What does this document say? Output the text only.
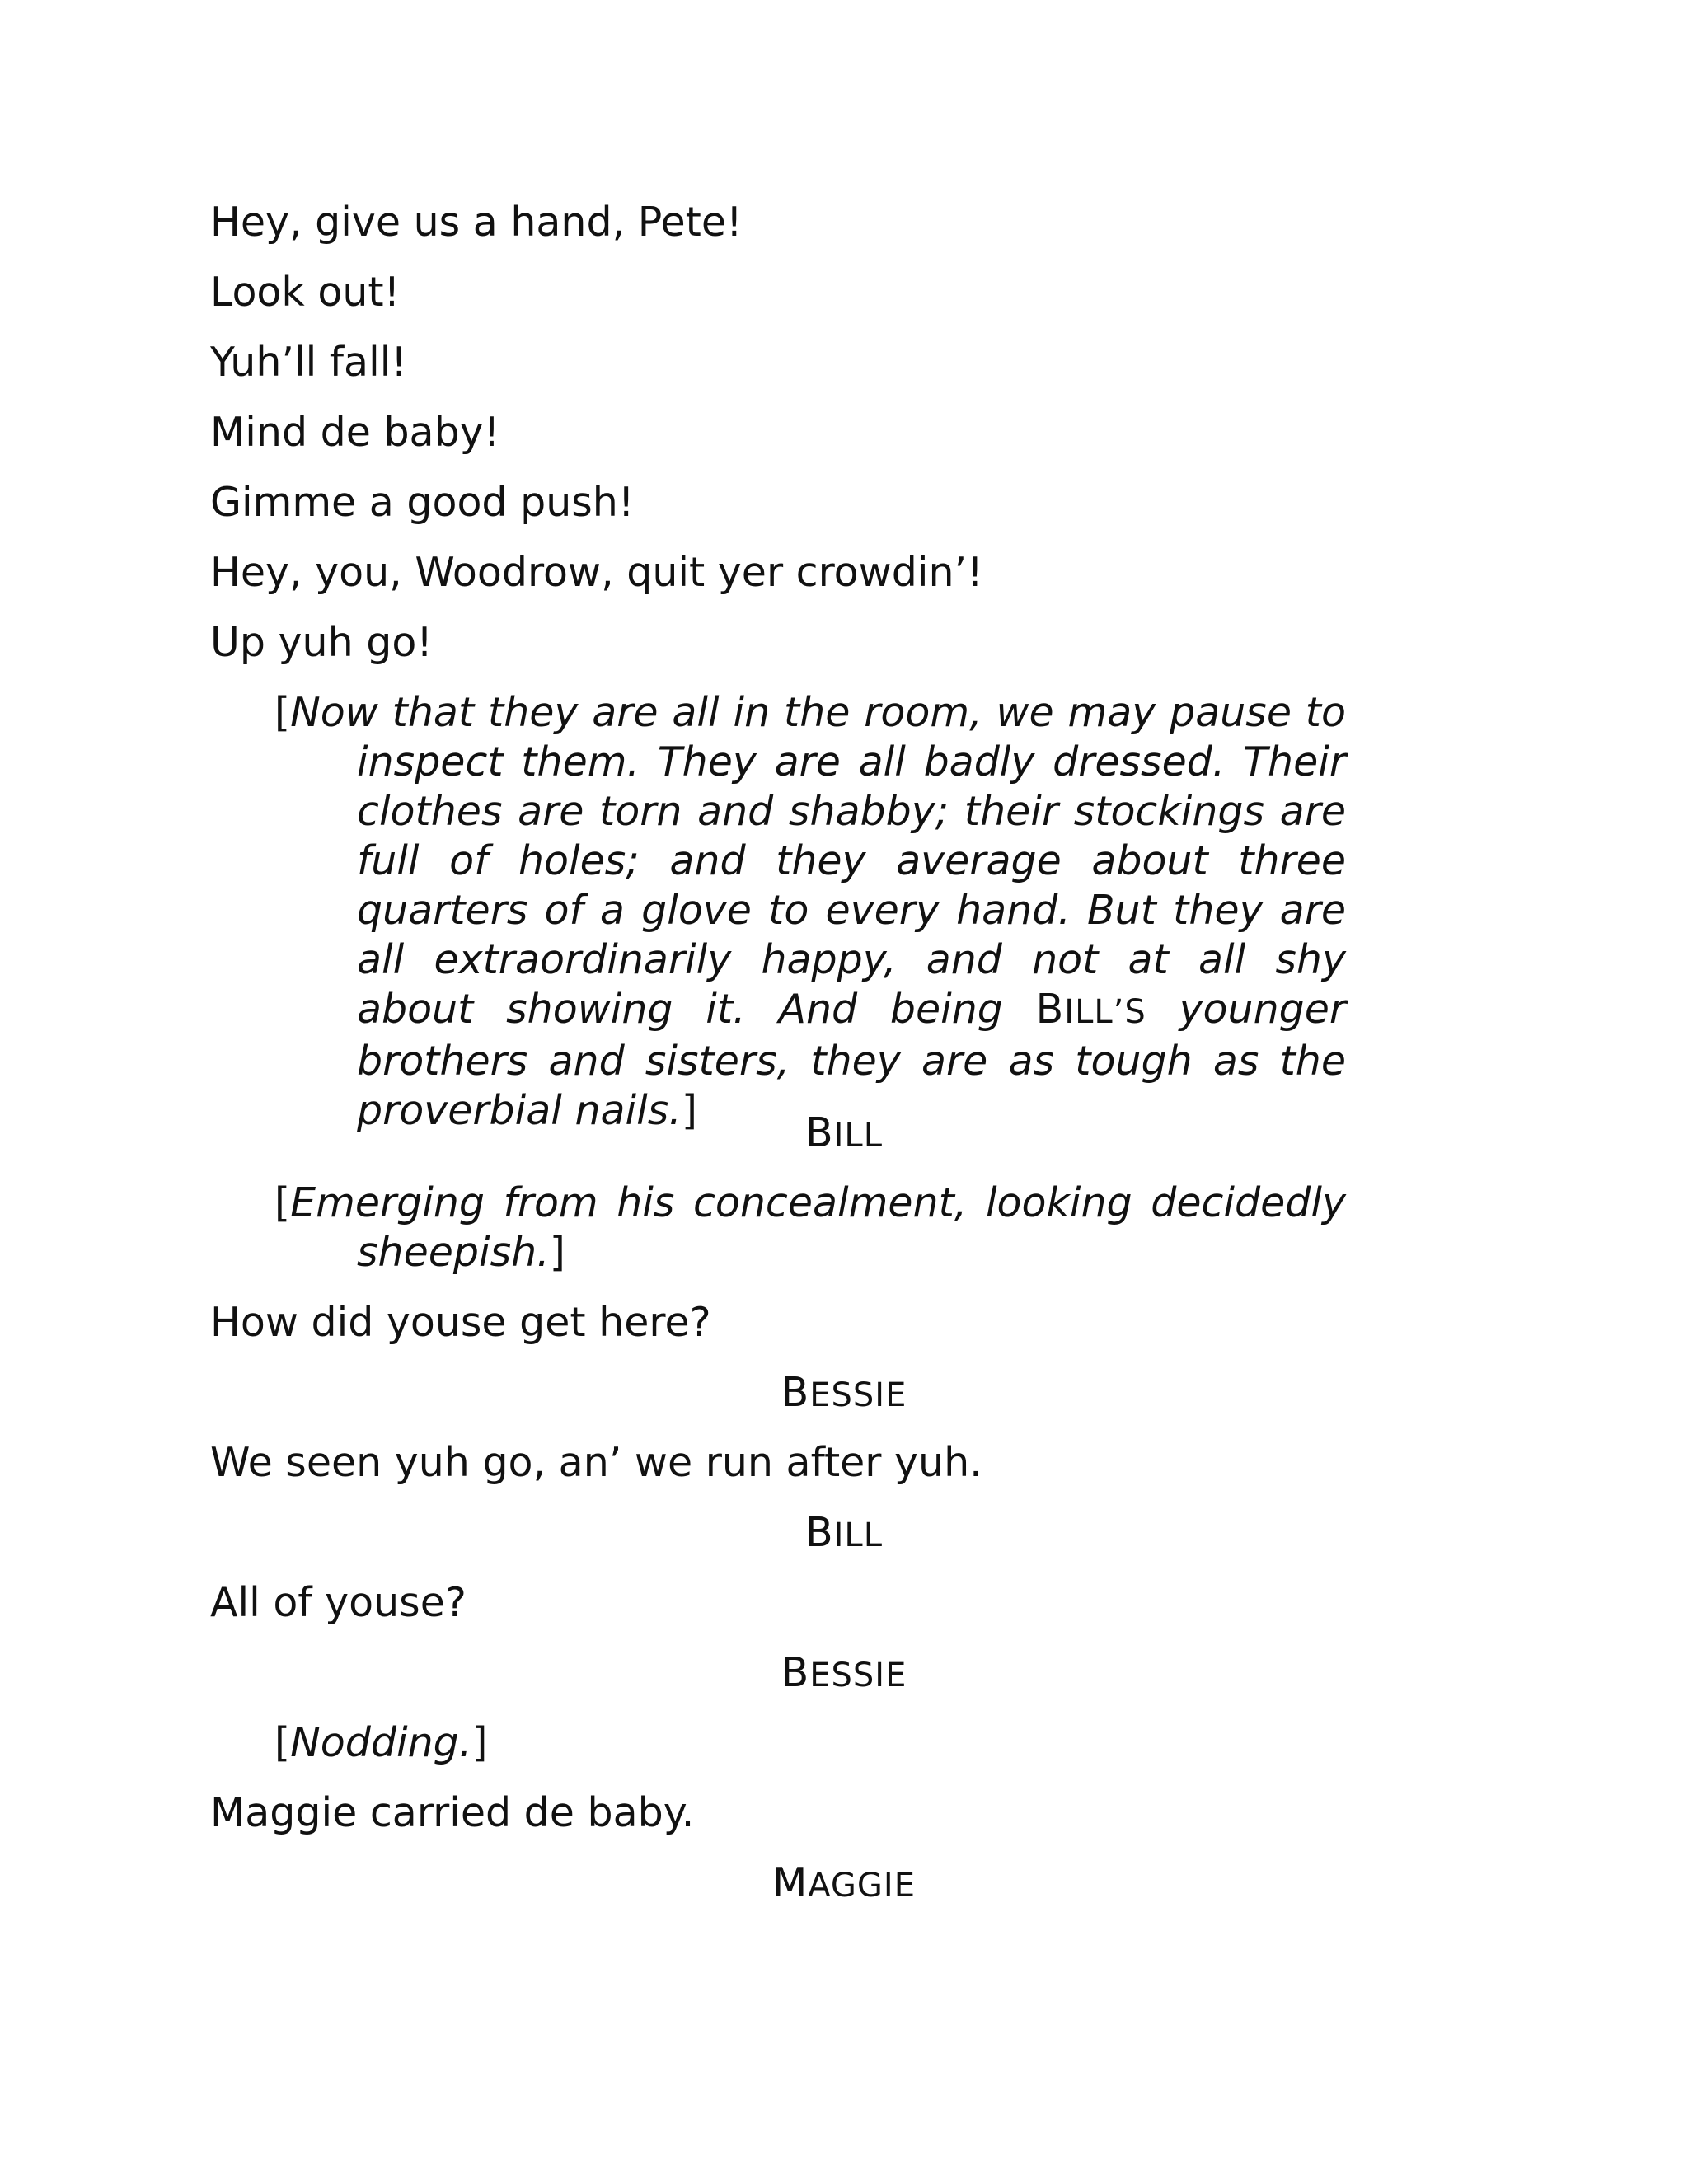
Hey, give us a hand, Pete!

Look out!

Yuh’ll fall!

Mind de baby!

Gimme a good push!

Hey, you, Woodrow, quit yer crowdin’!

Up yuh go!

[Now that they are all in the room, we may pause to inspect them. They are all badly dressed. Their clothes are torn and shabby; their stockings are full of holes; and they average about three quarters of a glove to every hand. But they are all extraordinarily happy, and not at all shy about showing it. And being BILL’S younger brothers and sisters, they are as tough as the proverbial nails.]	BILL

[Emerging from his concealment, looking decidedly sheepish.]

How did youse get here?

BESSIE

We seen yuh go, an’ we run after yuh.

BILL

All of youse?

BESSIE

[Nodding.]

Maggie carried de baby.

MAGGIE
